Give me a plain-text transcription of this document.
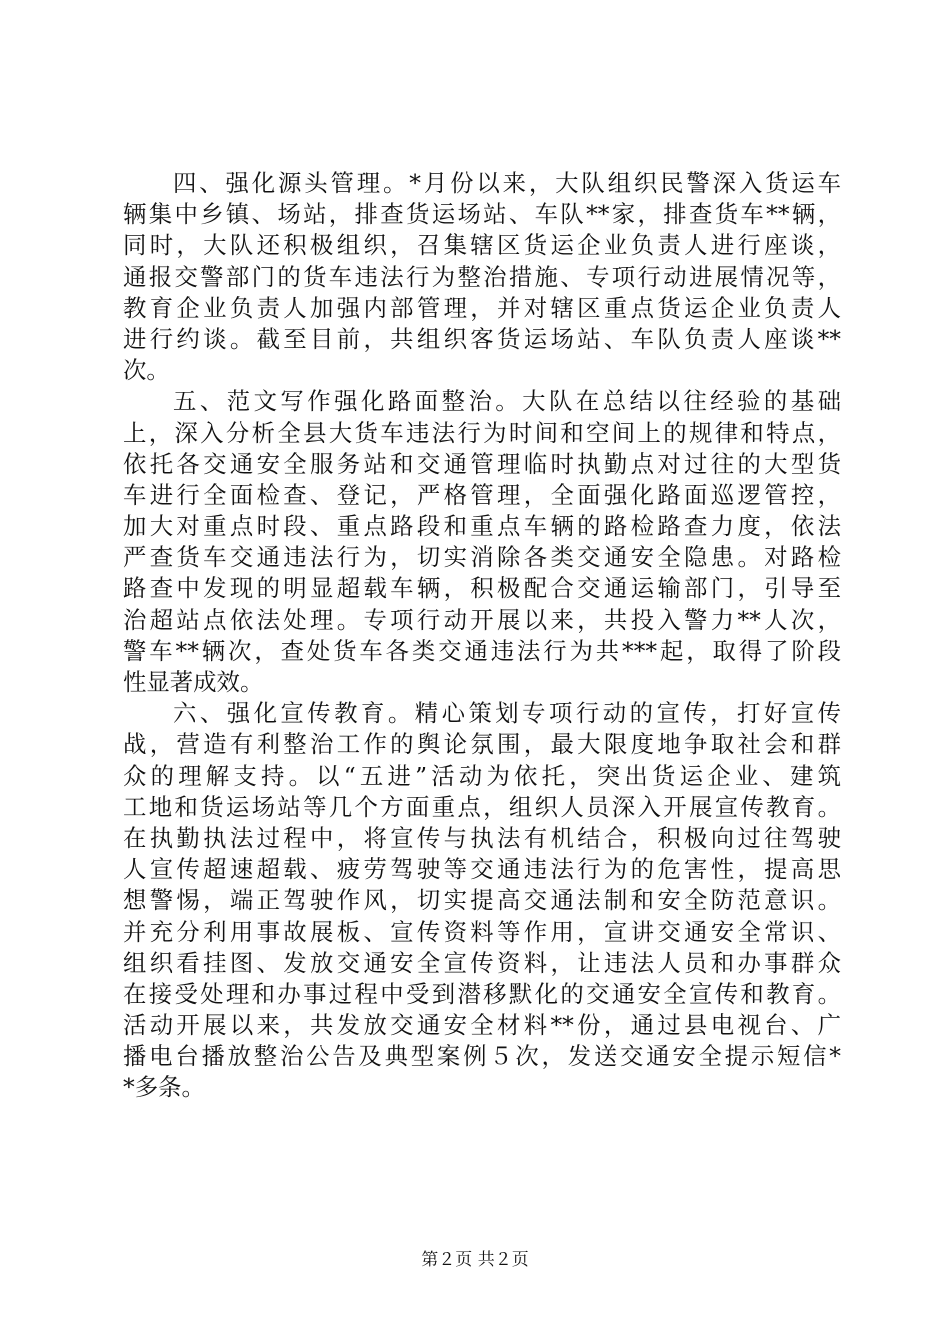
四、强化源头管理。*月份以来，大队组织民警深入货运车
辆集中乡镇、场站，排查货运场站、车队**家，排查货车**辆，
同时，大队还积极组织，召集辖区货运企业负责人进行座谈，
通报交警部门的货车违法行为整治措施、专项行动进展情况等，
教育企业负责人加强内部管理，并对辖区重点货运企业负责人
进行约谈。截至目前，共组织客货运场站、车队负责人座谈**
次。
五、范文写作强化路面整治。大队在总结以往经验的基础
上，深入分析全县大货车违法行为时间和空间上的规律和特点，
依托各交通安全服务站和交通管理临时执勤点对过往的大型货
车进行全面检查、登记，严格管理，全面强化路面巡逻管控，
加大对重点时段、重点路段和重点车辆的路检路查力度，依法
严查货车交通违法行为，切实消除各类交通安全隐患。对路检
路查中发现的明显超载车辆，积极配合交通运输部门，引导至
治超站点依法处理。专项行动开展以来，共投入警力**人次，
警车**辆次，查处货车各类交通违法行为共***起，取得了阶段
性显著成效。
六、强化宣传教育。精心策划专项行动的宣传，打好宣传
战，营造有利整治工作的舆论氛围，最大限度地争取社会和群
众的理解支持。以“五进”活动为依托，突出货运企业、建筑
工地和货运场站等几个方面重点，组织人员深入开展宣传教育。
在执勤执法过程中，将宣传与执法有机结合，积极向过往驾驶
人宣传超速超载、疲劳驾驶等交通违法行为的危害性，提高思
想警惕，端正驾驶作风，切实提高交通法制和安全防范意识。
并充分利用事故展板、宣传资料等作用，宣讲交通安全常识、
组织看挂图、发放交通安全宣传资料，让违法人员和办事群众
在接受处理和办事过程中受到潜移默化的交通安全宣传和教育。
活动开展以来，共发放交通安全材料**份，通过县电视台、广
播电台播放整治公告及典型案例５次，发送交通安全提示短信*
*多条。
第２页 共２页
